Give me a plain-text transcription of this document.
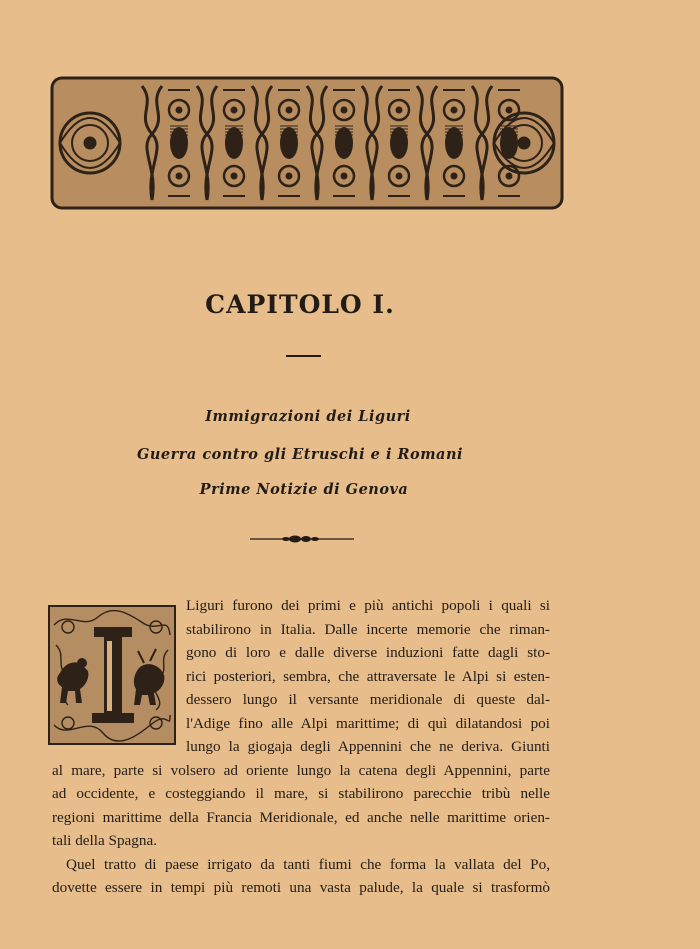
CAPITOLO I.
Immigrazioni dei Liguri
Guerra contro gli Etruschi e i Romani
Prime Notizie di Genova
Liguri furono dei primi e più antichi popoli i quali si
stabilirono in Italia. Dalle incerte memorie che riman-
gono di loro e dalle diverse induzioni fatte dagli sto-
rici posteriori, sembra, che attraversate le Alpi si esten-
dessero lungo il versante meridionale di queste dal-
l'Adige fino alle Alpi marittime; di quì dilatandosi poi
lungo la giogaja degli Appennini che ne deriva. Giunti
al mare, parte si volsero ad oriente lungo la catena degli Appennini, parte
ad occidente, e costeggiando il mare, si stabilirono parecchie tribù nelle
regioni marittime della Francia Meridionale, ed anche nelle marittime orien-
tali della Spagna.
Quel tratto di paese irrigato da tanti fiumi che forma la vallata del Po,
dovette essere in tempi più remoti una vasta palude, la quale si trasformò
